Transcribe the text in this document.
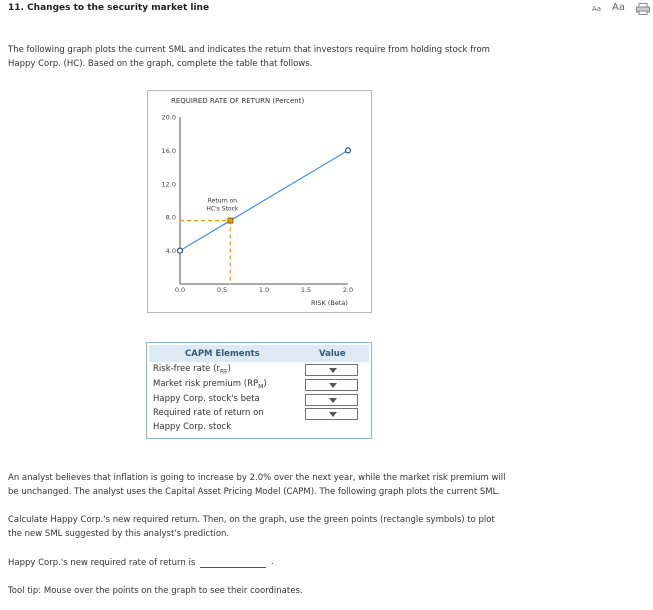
11. Changes to the security market line	Aa Aa
The following graph plots the current SML and indicates the return that investors require from holding stock from
Happy Corp. (HC). Based on the graph, complete the table that follows.
REQUIRED RATE OF RETURN (Percent)
RISK (Beta)
20.0
16.0
12.0
8.0
4.0
0.0	0.5	1.0	1.5	2.0
Return on
HC's Stock
CAPM Elements	Value
Risk-free rate $(r_{RF})$
Market risk premium $(RP_M)$
Happy Corp. stock's beta
Required rate of return on
Happy Corp. stock
An analyst believes that inflation is going to increase by 2.0% over the next year, while the market risk premium will
be unchanged. The analyst uses the Capital Asset Pricing Model (CAPM). The following graph plots the current SML.
Calculate Happy Corp.'s new required return. Then, on the graph, use the green points (rectangle symbols) to plot
the new SML suggested by this analyst's prediction.
Happy Corp.'s new required rate of return is	.
Tool tip: Mouse over the points on the graph to see their coordinates.
